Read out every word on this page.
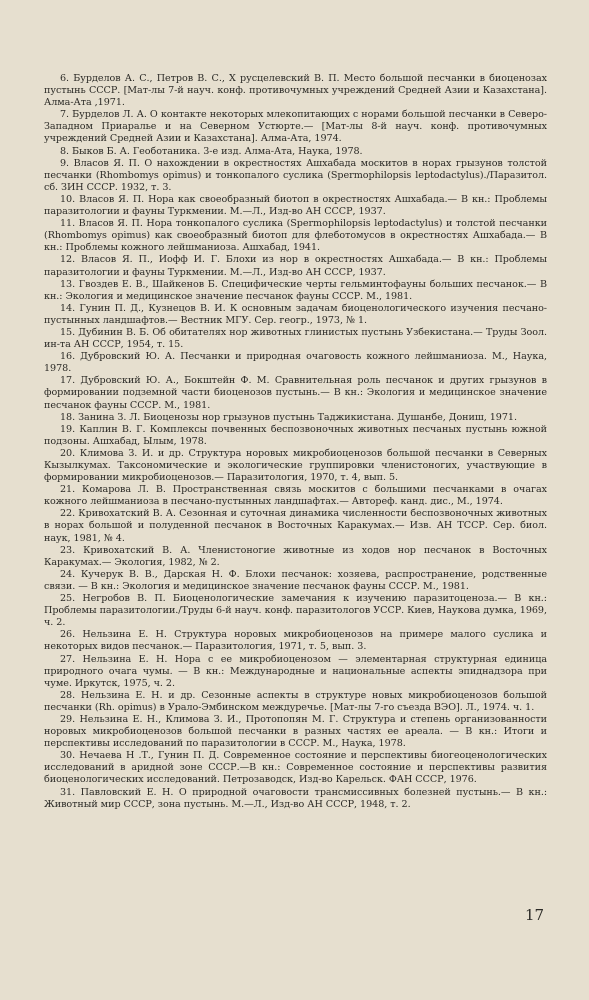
6. Бурделов А. С., Петров В. С., Х русцелевский В. П. Место большой песчанки в биоценозах пустынь СССР. [Мат-лы 7-й науч. конф. противочумных учреждений Средней Азии и Казахстана]. Алма-Ата ,1971.

7. Бурделов Л. А. О контакте некоторых млекопитающих с норами большой песчанки в Северо-Западном Приаралье и на Северном Устюрте.— [Мат-лы 8-й науч. конф. противочумных учреждений Средней Азии и Казахстана]. Алма-Ата, 1974.

8. Быков Б. А. Геоботаника. 3-е изд. Алма-Ата, Наука, 1978.

9. Власов Я. П. О нахождении в окрестностях Ашхабада москитов в норах грызунов толстой песчанки (Rhombomys opimus) и тонкопалого суслика (Spermophilopsis leptodactylus)./Паразитол. сб. ЗИН СССР. 1932, т. 3.

10. Власов Я. П. Нора как своеобразный биотоп в окрестностях Ашхабада.— В кн.: Проблемы паразитологии и фауны Туркмении. М.—Л., Изд-во АН СССР, 1937.

11. Власов Я. П. Нора тонкопалого суслика (Spermophilopsis leptodactylus) и толстой песчанки (Rhombomys opimus) как своеобразный биотоп для флеботомусов в окрестностях Ашхабада.— В кн.: Проблемы кожного лейшманиоза. Ашхабад, 1941.

12. Власов Я. П., Иофф И. Г. Блохи из нор в окрестностях Ашхабада.— В кн.: Проблемы паразитологии и фауны Туркмении. М.—Л., Изд-во АН СССР, 1937.

13. Гвоздев Е. В., Шайкенов Б. Специфические черты гельминтофауны больших песчанок.— В кн.: Экология и медицинское значение песчанок фауны СССР. М., 1981.

14. Гунин П. Д., Кузнецов В. И. К основным задачам биоценологического изучения песчано-пустынных ландшафтов.— Вестник МГУ. Сер. геогр., 1973, № 1.

15. Дубинин В. Б. Об обитателях нор животных глинистых пустынь Узбекистана.— Труды Зоол. ин-та АН СССР, 1954, т. 15.

16. Дубровский Ю. А. Песчанки и природная очаговость кожного лейшманиоза. М., Наука, 1978.

17. Дубровский Ю. А., Бокштейн Ф. М. Сравнительная роль песчанок и других грызунов в формировании подземной части биоценозов пустынь.— В кн.: Экология и медицинское значение песчанок фауны СССР. М., 1981.

18. Занина З. Л. Биоценозы нор грызунов пустынь Таджикистана. Душанбе, Дониш, 1971.

19. Каплин В. Г. Комплексы почвенных беспозвоночных животных песчаных пустынь южной подзоны. Ашхабад, Ылым, 1978.

20. Климова З. И. и др. Структура норовых микробиоценозов большой песчанки в Северных Кызылкумах. Таксономические и экологические группировки членистоногих, участвующие в формировании микробиоценозов.— Паразитология, 1970, т. 4, вып. 5.

21. Комарова Л. В. Пространственная связь москитов с большими песчанками в очагах кожного лейшманиоза в песчано-пустынных ландшафтах.— Автореф. канд. дис., М., 1974.

22. Кривохатский В. А. Сезонная и суточная динамика численности беспозвоночных животных в норах большой и полуденной песчанок в Восточных Каракумах.— Изв. АН ТССР. Сер. биол. наук, 1981, № 4.

23. Кривохатский В. А. Членистоногие животные из ходов нор песчанок в Восточных Каракумах.— Экология, 1982, № 2.

24. Кучерук В. В., Дарская Н. Ф. Блохи песчанок: хозяева, распространение, родственные связи. — В кн.: Экология и медицинское значение песчанок фауны СССР. М., 1981.

25. Негробов В. П. Биоценологические замечания к изучению паразитоценоза.— В кн.: Проблемы паразитологии./Труды 6-й науч. конф. паразитологов УССР. Киев, Наукова думка, 1969, ч. 2.

26. Нельзина Е. Н. Структура норовых микробиоценозов на примере малого суслика и некоторых видов песчанок.— Паразитология, 1971, т. 5, вып. 3.

27. Нельзина Е. Н. Нора с ее микробиоценозом — элементарная структурная единица природного очага чумы. — В кн.: Международные и национальные аспекты эпиднадзора при чуме. Иркутск, 1975, ч. 2.

28. Нельзина Е. Н. и др. Сезонные аспекты в структуре новых микробиоценозов большой песчанки (Rh. opimus) в Урало-Эмбинском междуречье. [Мат-лы 7-го съезда ВЭО]. Л., 1974. ч. 1.

29. Нельзина Е. Н., Климова З. И., Протопопян М. Г. Структура и степень организованности норовых микробиоценозов большой песчанки в разных частях ее ареала. — В кн.: Итоги и перспективы исследований по паразитологии в СССР. М., Наука, 1978.

30. Нечаева Н .Т., Гунин П. Д. Современное состояние и перспективы биогеоценологических исследований в аридной зоне СССР.—В кн.: Современное состояние и перспективы развития биоценологических исследований. Петрозаводск, Изд-во Карельск. ФАН СССР, 1976.

31. Павловский Е. Н. О природной очаговости трансмиссивных болезней пустынь.— В кн.: Животный мир СССР, зона пустынь. М.—Л., Изд-во АН СССР, 1948, т. 2.

17
